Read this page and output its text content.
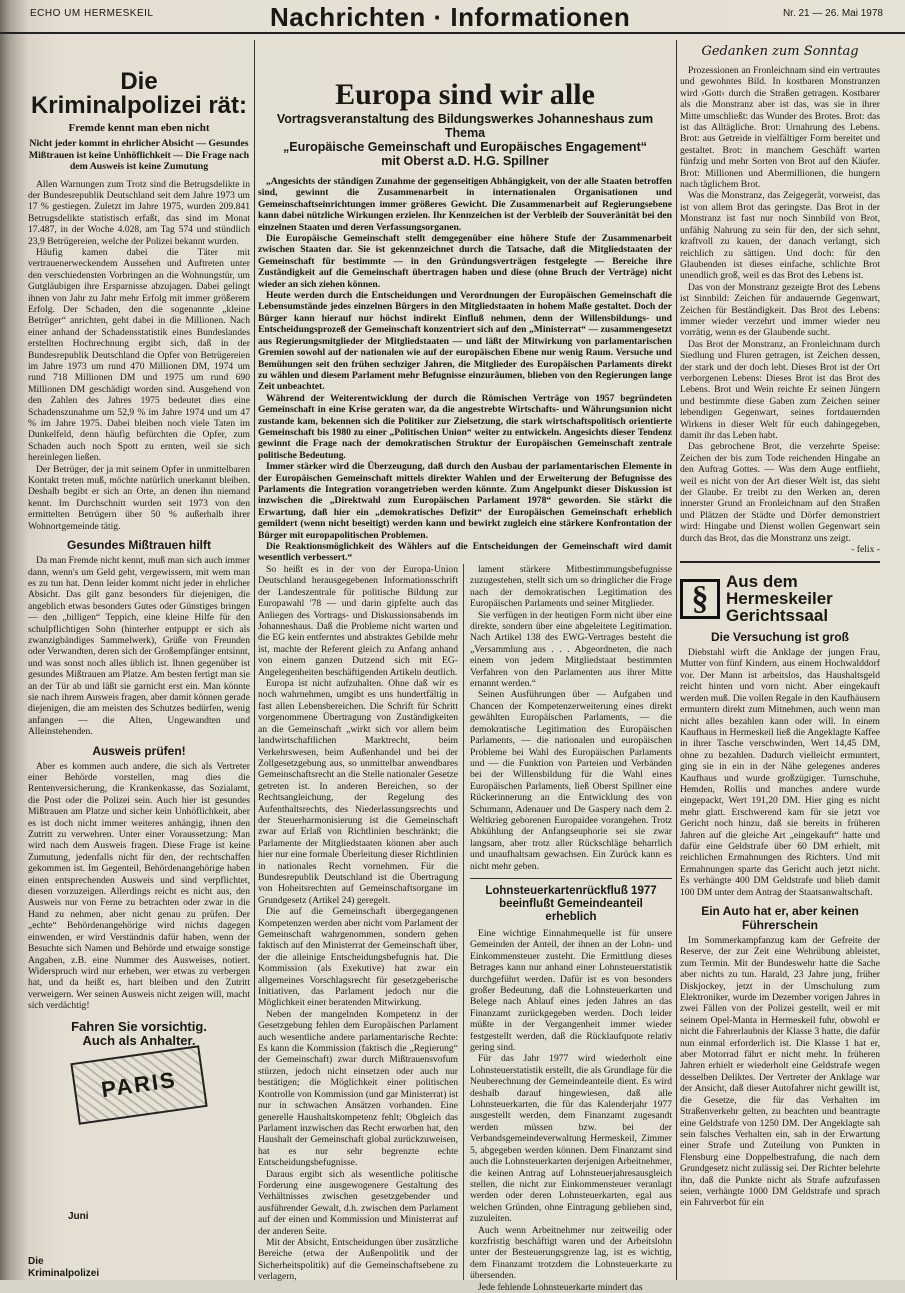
ECHO UM HERMESKEIL	Nachrichten · Informationen	Nr. 21 — 26. Mai 1978
Die
Kriminalpolizei rät:
Fremde kennt man eben nicht
Nicht jeder kommt in ehrlicher Absicht — Gesundes Mißtrauen ist keine Unhöflichkeit — Die Frage nach dem Ausweis ist keine Zumutung

Allen Warnungen zum Trotz sind die Betrugsdelikte in der Bundesrepublik Deutschland seit dem Jahre 1973 um 17 % gestiegen. Zuletzt im Jahre 1975, wurden 209.841 Betrugsdelikte statistisch erfaßt, das sind im Monat 17.487, in der Woche 4.028, am Tag 574 und stündlich 23,9 Betrügereien, welche der Polizei bekannt wurden.

Häufig kamen dabei die Täter mit vertrauenerweckendem Aussehen und Auftreten unter den verschiedensten Vorbringen an die Wohnungstür, um Gutgläubigen ihre Ersparnisse abzujagen. Dabei gelingt ihnen von Jahr zu Jahr mehr Erfolg mit immer größerem Erfolg. Der Schaden, den die sogenannte „kleine Betrüger“ anrichten, geht dabei in die Millionen. Nach einer anhand der Schadensstatistik eines Bundeslandes erstellten Hochrechnung ergibt sich, daß in der Bundesrepublik Deutschland die Opfer von Betrügereien im Jahre 1973 um rund 470 Millionen DM, 1974 um rund 718 Millionen DM und 1975 um rund 690 Millionen DM geschädigt worden sind. Ausgehend von den Zahlen des Jahres 1975 bedeutet dies eine Schadenszunahme um 52,9 % im Jahre 1974 und um 47 % im Jahre 1975. Dabei bleiben noch viele Taten im Dunkelfeld, denn häufig befürchten die Opfer, zum Schaden auch noch Spott zu ernten, weil sie sich hereinlegen ließen.

Der Betrüger, der ja mit seinem Opfer in unmittelbaren Kontakt treten muß, möchte natürlich unerkannt bleiben. Deshalb begibt er sich an Orte, an denen ihn niemand kennt. Im Durchschnitt wurden seit 1973 von den ermittelten Betrügern über 50 % außerhalb ihrer Wohnortgemeinde tätig.

Gesundes Mißtrauen hilft

Da man Fremde nicht kennt, muß man sich auch immer dann, wenn's um Geld geht, vergewissern, mit wem man es zu tun hat. Denn leider kommt nicht jeder in ehrlicher Absicht. Das gilt ganz besonders für diejenigen, die angeblich etwas besonders Gutes oder Günstiges bringen — den „billigen“ Teppich, eine kleine Hilfe für den schulpflichtigen Sohn (hinterher entpuppt er sich als zwanzigbändiges Sammelwerk), Grüße von Freunden oder Verwandten, deren sich der Großempfänger entsinnt, und was sonst noch alles üblich ist. Ihnen gegenüber ist gesundes Mißtrauen am Platze. Am besten fertigt man sie an der Tür ab und läßt sie garnicht erst ein. Man könnte sie nach ihrem Ausweis fragen, aber damit können gerade diejenigen, die am meisten des Schutzes bedürfen, wenig anfangen — die Alten, Ungewandten und Alleinstehenden.

Ausweis prüfen!

Aber es kommen auch andere, die sich als Vertreter einer Behörde vorstellen, mag dies die Rentenversicherung, die Krankenkasse, das Sozialamt, die Post oder die Polizei sein. Auch hier ist gesundes Mißtrauen am Platze und sicher kein Unhöflichkeit, aber es ist doch nicht immer weiteres anhängig, ihnen den Zutritt zu verwehren. Unter einer Voraussetzung: Man wird nach dem Ausweis fragen. Diese Frage ist keine Zumutung, jedenfalls nicht für den, der rechtschaffen gekommen ist. Im Gegenteil, Behördenangehörige haben einen entsprechenden Ausweis und sind verpflichtet, diesen vorzuzeigen. Allerdings reicht es nicht aus, den Ausweis nur von Ferne zu betrachten oder zwar in die Hand zu nehmen, aber nicht genau zu prüfen. Der „echte“ Behördenangehörige wird nichts dagegen einwenden, er wird Verständnis dafür haben, wenn der Besuchte sich Namen und Behörde und etwaige sonstige Angaben, z.B. eine Nummer des Ausweises, notiert. Widerspruch wird nur erheben, wer etwas zu verbergen hat, und da heißt es, hart bleiben und den Zutritt verweigern. Wer seinen Ausweis nicht zeigen will, macht sich verdächtig!

Fahren Sie vorsichtig.
Auch als Anhalter.
PARIS
Juni
Die
Kriminalpolizei
Europa sind wir alle
Vortragsveranstaltung des Bildungswerkes Johanneshaus zum Thema
„Europäische Gemeinschaft und Europäisches Engagement“
mit Oberst a.D. H.G. Spillner

„Angesichts der ständigen Zunahme der gegenseitigen Abhängigkeit, von der alle Staaten betroffen sind, gewinnt die Zusammenarbeit in internationalen Organisationen und Gemeinschaftseinrichtungen immer größeres Gewicht. Die Zusammenarbeit auf Regierungsebene kann dabei nützliche Wirkungen erzielen. Ihr Kennzeichen ist der Verbleib der Souveränität bei den einzelnen Staaten und deren Verfassungsorganen.

Die Europäische Gemeinschaft stellt demgegenüber eine höhere Stufe der Zusammenarbeit zwischen Staaten dar. Sie ist gekennzeichnet durch die Tatsache, daß die Mitgliedstaaten der Gemeinschaft für bestimmte — in den Gründungsverträgen festgelegte — Bereiche ihre Zuständigkeit auf die Gemeinschaft übertragen haben und diese (ohne Bruch der Verträge) nicht wieder an sich ziehen können.

Heute werden durch die Entscheidungen und Verordnungen der Europäischen Gemeinschaft die Lebensumstände jedes einzelnen Bürgers in den Mitgliedstaaten in hohem Maße gestaltet. Doch der Bürger kann hierauf nur höchst indirekt Einfluß nehmen, denn der Willensbildungs- und Entscheidungsprozeß der Gemeinschaft konzentriert sich auf den „Ministerrat“ — zusammengesetzt aus Regierungsmitglieder der Mitgliedstaaten — und läßt der Mitwirkung von parlamentarischen Gremien sowohl auf der nationalen wie auf der europäischen Ebene nur wenig Raum. Versuche und Bemühungen seit den frühen sechziger Jahren, die Mitglieder des Europäischen Parlaments direkt zu wählen und diesem Parlament mehr Befugnisse einzuräumen, blieben von den Regierungen lange Zeit unbeachtet.

Während der Weiterentwicklung der durch die Römischen Verträge von 1957 begründeten Gemeinschaft in eine Krise geraten war, da die angestrebte Wirtschafts- und Währungsunion nicht zustande kam, bekennen sich die Politiker zur Zielsetzung, die stark wirtschaftspolitisch orientierte Gemeinschaft bis 1980 zu einer „Politischen Union“ weiter zu entwickeln. Angesichts dieser Tendenz gewinnt die Frage nach der demokratischen Struktur der Europäischen Gemeinschaft zentrale politische Bedeutung.

Immer stärker wird die Überzeugung, daß durch den Ausbau der parlamentarischen Elemente in der Europäischen Gemeinschaft mittels direkter Wahlen und der Erweiterung der Befugnisse des Parlaments die Integration vorangetrieben werden könnte. Zum Angelpunkt dieser Diskussion ist inzwischen die „Direktwahl zum Europäischen Parlament 1978“ geworden. Sie stärkt die Erwartung, daß hier ein „demokratisches Defizit“ der Europäischen Gemeinschaft erheblich gemildert (wenn nicht beseitigt) werden kann und bewirkt zugleich eine stärkere Konfrontation der Bürger mit europapolitischen Problemen.

Die Reaktionsmöglichkeit des Wählers auf die Entscheidungen der Gemeinschaft wird damit wesentlich verbessert.“

So heißt es in der von der Europa-Union Deutschland herausgegebenen Informationsschrift der Landeszentrale für politische Bildung zur Europawahl '78 — und darin gipfelte auch das Anliegen des Vortrags- und Diskussionsabends im Johanneshaus. Daß die Probleme nicht warten und die EG kein entferntes und abstraktes Gebilde mehr ist, machte der Referent gleich zu Anfang anhand von einem ganzen Dutzend sich mit EG-Angelegenheiten beschäftigenden Artikeln deutlich.

Europa ist nicht aufzuhalten. Ohne daß wir es noch wahrnehmen, umgibt es uns hundertfältig in fast allen Lebensbereichen. Die Schrift für Schritt vorgenommene Übertragung von Zuständigkeiten an die Gemeinschaft „wirkt sich vor allem beim landwirtschaftlichen Marktrecht, beim Verkehrswesen, beim Außenhandel und bei der Zollgesetzgebung aus, so unmittelbar anwendbares Gemeinschaftsrecht an die Stelle nationaler Gesetze getreten ist. In anderen Bereichen, so der Rechtsangleichung, der Regelung des Aufenthaltsrechts, des Niederlassungsrechts und der Steuerharmonisierung ist die Gemeinschaft zwar auf Erlaß von Richtlinien beschränkt; die Parlamente der Mitgliedstaaten können aber auch hier nur eine formale Überleitung dieser Richtlinien in nationales Recht vornehmen. Für die Bundesrepublik Deutschland ist die Übertragung von Hoheitsrechten auf Gemeinschaftsorgane im Grundgesetz (Artikel 24) geregelt.

Die auf die Gemeinschaft übergegangenen Kompetenzen werden aber nicht vom Parlament der Gemeinschaft wahrgenommen, sondern gehen faktisch auf den Ministerrat der Gemeinschaft über, der die alleinige Entscheidungsbefugnis hat. Die Kommission (als Exekutive) hat zwar ein allgemeines Vorschlagsrecht für gesetzgeberische Initiativen, das Parlament jedoch nur die Möglichkeit einer beratenden Mitwirkung.

Neben der mangelnden Kompetenz in der Gesetzgebung fehlen dem Europäischen Parlament auch wesentliche andere parlamentarische Rechte: Es kann die Kommission (faktisch die „Regierung“ der Gemeinschaft) zwar durch Mißtrauensvofum stürzen, jedoch nicht einsetzen oder auch nur bestätigen; die Möglichkeit einer politischen Kontrolle von Kommission (und gar Ministerrat) ist nur in schwachen Ansätzen vorhanden. Eine generelle Haushaltskompetenz fehlt; Obgleich das Parlament inzwischen das Recht erworben hat, den Haushalt der Gemeinschaft global zurückzuweisen, hat es nur sehr begrenzte echte Entscheidungsbefugnisse.

Daraus ergibt sich als wesentliche politische Forderung eine ausgewogenere Gestaltung des Verhältnisses zwischen gesetzgebender und ausführender Gewalt, d.h. zwischen dem Parlament auf der einen und Kommission und Ministerrat auf der anderen Seite.

Mit der Absicht, Entscheidungen über zusätzliche Bereiche (etwa der Außenpolitik und der Sicherheitspolitik) auf die Gemeinschaftsebene zu verlagern,

lament stärkere Mitbestimmungsbefugnisse zuzugestehen, stellt sich um so dringlicher die Frage nach der demokratischen Legitimation des Europäischen Parlaments und seiner Mitglieder.

Sie verfügen in der heutigen Form nicht über eine direkte, sondern über eine abgeleitete Legitimation. Nach Artikel 138 des EWG-Vertrages besteht die „Versammlung aus . . . Abgeordneten, die nach einem von jedem Mitgliedstaat bestimmten Verfahren von den Parlamenten aus ihrer Mitte ernannt werden.“

Seinen Ausführungen über — Aufgaben und Chancen der Kompetenzerweiterung eines direkt gewählten Europäischen Parlaments, — die demokratische Legitimation des Europäischen Parlaments, — die nationalen und europäischen Probleme bei Wahl des Europäischen Parlaments und — die Funktion von Parteien und Verbänden bei der Willensbildung für die Wahl eines Europäischen Parlaments, ließ Oberst Spillner eine Rückerinnerung an die Entwicklung des von Schumann, Adenauer und De Gaspery nach dem 2. Weltkrieg geborenen Europaidee vorangehen. Trotz Abkühlung der Anfangseuphorie sei sie zwar langsam, aber trotz aller Rückschläge beharrlich und unaufhaltsam gewachsen. Ein Zurück kann es nicht mehr geben.

Lohnsteuerkartenrückfluß 1977
beeinflußt Gemeindeanteil
erheblich

Eine wichtige Einnahmequelle ist für unsere Gemeinden der Anteil, der ihnen an der Lohn- und Einkommensteuer zusteht. Die Ermittlung dieses Betrages kann nur anhand einer Lohnsteuerstatistik durchgeführt werden. Dafür ist es von besonders großer Bedeutung, daß die Lohnsteuerkarten und Belege nach Ablauf eines jeden Jahres an das Finanzamt zurückgegeben werden. Doch leider müßte in der Vergangenheit immer wieder festgestellt werden, daß die Rücklaufquote relativ gering sind.

Für das Jahr 1977 wird wiederholt eine Lohnsteuerstatistik erstellt, die als Grundlage für die Neuberechnung der Gemeindeanteile dient. Es wird deshalb darauf hingewiesen, daß alle Lohnsteuerkarten, die für das Kalenderjahr 1977 ausgestellt werden, dem Finanzamt zugesandt werden müssen bzw. bei der Verbandsgemeindeverwaltung Hermeskeil, Zimmer 5, abgegeben werden können. Dem Finanzamt sind auch die Lohnsteuerkarten derjenigen Arbeitnehmer, die keinen Antrag auf Lohnsteuerjahresausgleich stellen, die nicht zur Einkommensteuer veranlagt werden oder deren Lohnsteuerkarten, egal aus welchen Gründen, ohne Eintragung geblieben sind, zuzuleiten.

Auch wenn Arbeitnehmer nur zeitweilig oder kurzfristig beschäftigt waren und der Arbeitslohn unter der Besteuerungsgrenze lag, ist es wichtig, dem Finanzamt trotzdem die Lohnsteuerkarte zu übersenden.

Jede fehlende Lohnsteuerkarte mindert das

Gedanken zum Sonntag

Prozessionen an Fronleichnam sind ein vertrautes und gewohntes Bild. In kostbaren Monstranzen wird ›Gott‹ durch die Straßen getragen. Kostbarer als die Monstranz aber ist das, was sie in ihrer Mitte umschließt: das Wunder des Brotes. Brot: das ist das Alltägliche. Brot: Urnahrung des Lebens. Brot: aus Getreide in vielfältiger Form bereitet und gestaltet. Brot: in manchem Geschäft warten fünfzig und mehr Sorten von Brot auf den Käufer. Brot: Millionen und Abermillionen, die hungern nach täglichem Brot.

Was die Monstranz, das Zeigegerät, vorweist, das ist von allem Brot das geringste. Das Brot in der Monstranz ist fast nur noch Sinnbild von Brot, unfähig Nahrung zu sein für den, der sich sehnt, kraftvoll zu kauen, der danach verlangt, sich reichlich zu sättigen. Und doch: für den Glaubenden ist dieses einfache, schlichte Brot unendlich groß, weil es das Brot des Lebens ist.

Das von der Monstranz gezeigte Brot des Lebens ist Sinnbild: Zeichen für andauernde Gegenwart, Zeichen für Beständigkeit. Das Brot des Lebens: immer wieder verzehrt und immer wieder neu vorrätig, wenn es der Glaubende sucht.

Das Brot der Monstranz, an Fronleichnam durch Siedlung und Fluren getragen, ist Zeichen dessen, der stark und der doch lebt. Dieses Brot ist der Ort verborgenen Lebens: Dieses Brot ist das Brot des Lebens. Brot und Wein reichte Er seinen Jüngern und bestimmte diese Gaben zum Zeichen seiner lebendigen Gegenwart, seines fortdauernden Wirkens in dieser Welt für euch dahingegeben, damit ihr das Leben habt.

Das gebrochene Brot, die verzehrte Speise: Zeichen der bis zum Tode reichenden Hingabe an den Auftrag Gottes. — Was dem Auge entflieht, weil es nicht von der Art dieser Welt ist, das sieht der Glaube. Er treibt zu den Werken an, deren innerster Grund an Fronleichnam auf den Straßen und Plätzen der Städte und Dörfer demonstriert wird: Hingabe und Dienst wollen Gegenwart sein durch das Brot, das die Monstranz uns zeigt.

- felix -
§	Aus dem
Hermeskeiler
Gerichtssaal
Die Versuchung ist groß

Diebstahl wirft die Anklage der jungen Frau, Mutter von fünf Kindern, aus einem Hochwalddorf vor. Der Mann ist arbeitslos, das Haushaltsgeld reicht hinten und vorn nicht. Aber eingekauft werden muß. Die vollen Regale in den Kaufhäusern ermuntern direkt zum Mitnehmen, auch wenn man nicht alles bezahlen kann oder will. In einem Kaufhaus in Hermeskeil ließ die Angeklagte Kaffee in ihrer Tasche verschwinden, Wert 14,45 DM, ohne zu bezahlen. Dadurch vielleicht ermuntert, ging sie in ein in der Nähe gelegenes anderes Kaufhaus und wurde großzügiger. Turnschuhe, Hemden, Rollis und manches andere wurde eingepackt, Wert 191,20 DM. Hier ging es nicht mehr glatt. Erschwerend kam für sie jetzt vor Gericht noch hinzu, daß sie bereits in früheren Jahren auf die gleiche Art „eingekauft“ hatte und dafür eine Geldstrafe über 60 DM erhielt, mit reichlichen Ermahnungen des Richters. Und mit Ermahnungen sparte das Gericht auch jetzt nicht. Es verhängte 400 DM Geldstrafe und blieb damit 100 DM unter dem Antrag der Staatsanwaltschaft.

Ein Auto hat er, aber keinen Führerschein

Im Sommerkampfanzug kam der Gefreite der Reserve, der zur Zeit eine Wehrübung ableistet, zum Termin. Mit der Bundeswehr hatte die Sache aber nichts zu tun. Harald, 23 Jahre jung, früher Diskjockey, jetzt in der Umschulung zum Elektroniker, wurde im Dezember vorigen Jahres in zwei Fällen von der Polizei gestellt, weil er mit seinem Opel-Manta in Hermeskeil fuhr, obwohl er nicht die Fahrerlaubnis der Klasse 3 hatte, die dafür nun einmal erforderlich ist. Die Klasse 1 hat er, aber Motorrad fährt er nicht mehr. In früheren Jahren erhielt er wiederholt eine Geldstrafe wegen desselben Deliktes. Der Vertreter der Anklage war der Ansicht, daß dieser Autofahrer nicht gewillt ist, die Gesetze, die für das Verhalten im Straßenverkehr gelten, zu beachten und beantragte eine Geldstrafe von 1250 DM. Der Angeklagte sah sein falsches Verhalten ein, sah in der Erwartung einer Strafe und Zuteilung von Punkten in Flensburg eine Doppelbestrafung, die nach dem Grundgesetz nicht zulässig sei. Der Richter belehrte ihn, daß die Punkte nicht als Strafe aufzufassen seien, verhängte 1000 DM Geldstrafe und sprach ein Fahrverbot für ein
